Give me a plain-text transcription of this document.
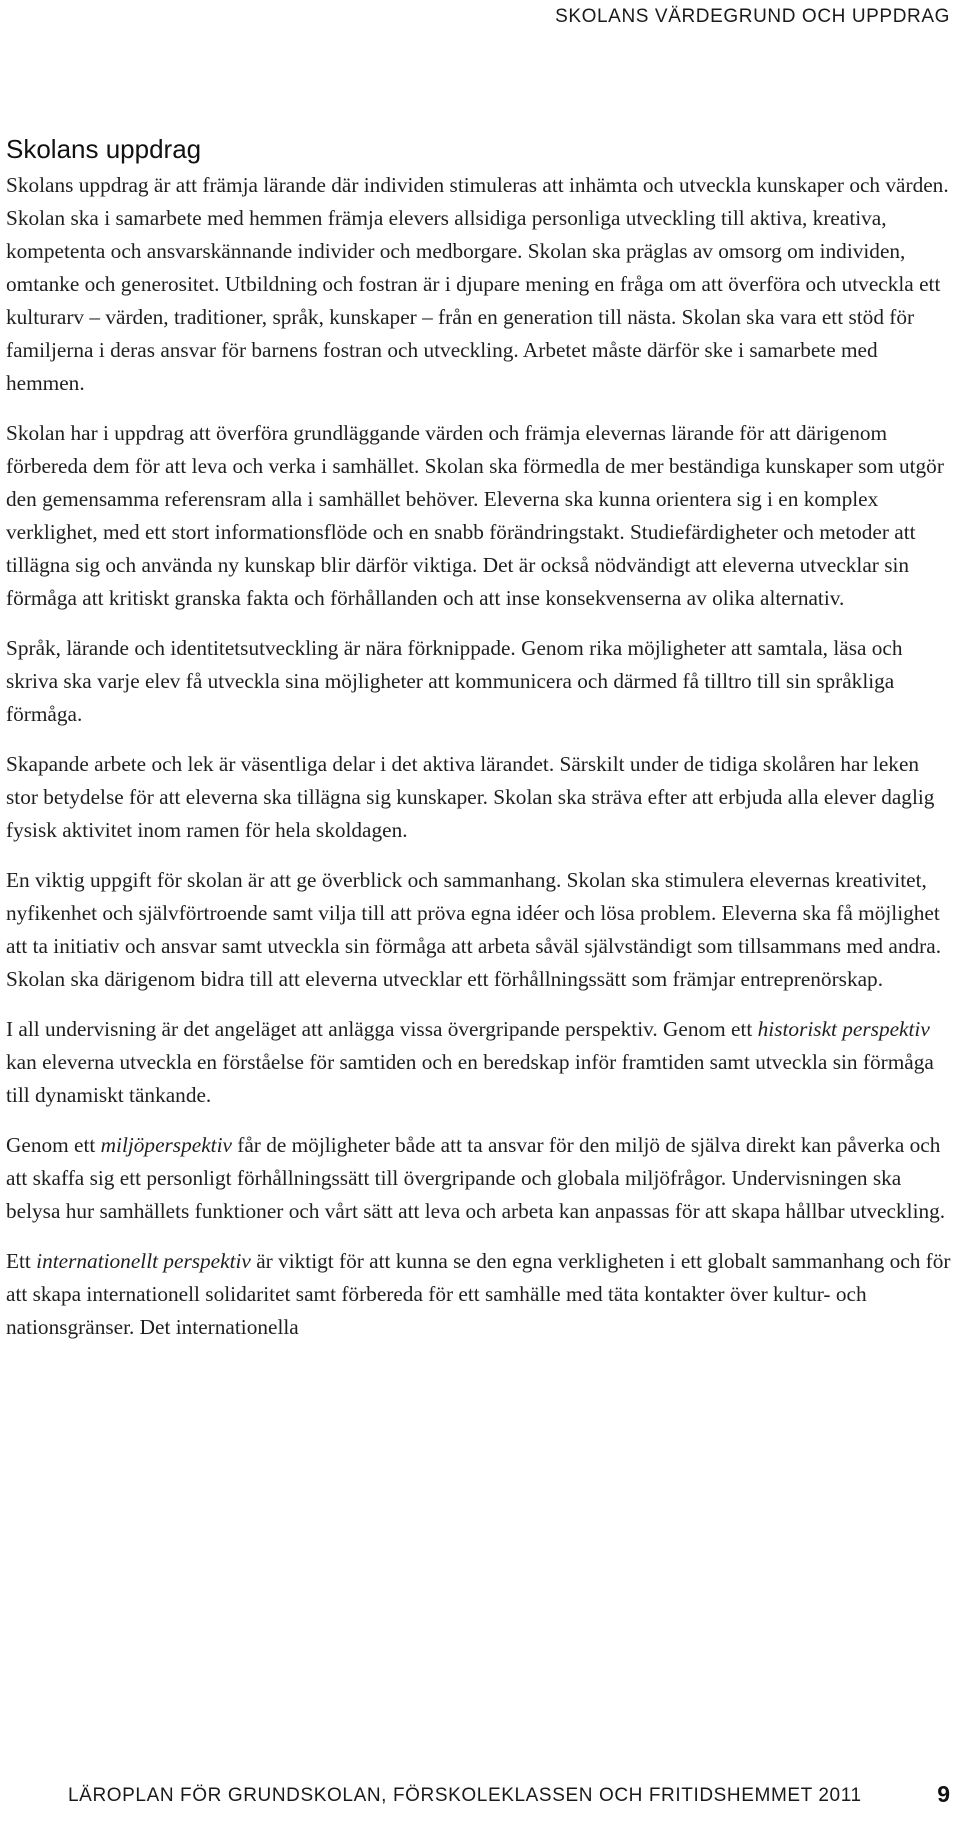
SKOLANS VÄRDEGRUND OCH UPPDRAG
Skolans uppdrag

Skolans uppdrag är att främja lärande där individen stimuleras att inhämta och utveckla kunskaper och värden. Skolan ska i samarbete med hemmen främja elevers allsidiga personliga utveckling till aktiva, kreativa, kompetenta och ansvarskännande individer och medborgare. Skolan ska präglas av omsorg om individen, omtanke och generositet. Utbildning och fostran är i djupare mening en fråga om att överföra och utveckla ett kulturarv – värden, traditioner, språk, kunskaper – från en generation till nästa. Skolan ska vara ett stöd för familjerna i deras ansvar för barnens fostran och utveckling. Arbetet måste därför ske i samarbete med hemmen.

Skolan har i uppdrag att överföra grundläggande värden och främja elevernas lärande för att därigenom förbereda dem för att leva och verka i samhället. Skolan ska förmedla de mer beständiga kunskaper som utgör den gemensamma referensram alla i samhället behöver. Eleverna ska kunna orientera sig i en komplex verklighet, med ett stort informationsflöde och en snabb förändringstakt. Studiefärdigheter och metoder att tillägna sig och använda ny kunskap blir därför viktiga. Det är också nödvändigt att eleverna utvecklar sin förmåga att kritiskt granska fakta och förhållanden och att inse konsekvenserna av olika alternativ.

Språk, lärande och identitetsutveckling är nära förknippade. Genom rika möjligheter att samtala, läsa och skriva ska varje elev få utveckla sina möjligheter att kommunicera och därmed få tilltro till sin språkliga förmåga.

Skapande arbete och lek är väsentliga delar i det aktiva lärandet. Särskilt under de tidiga skolåren har leken stor betydelse för att eleverna ska tillägna sig kunskaper. Skolan ska sträva efter att erbjuda alla elever daglig fysisk aktivitet inom ramen för hela skoldagen.

En viktig uppgift för skolan är att ge överblick och sammanhang. Skolan ska stimulera elevernas kreativitet, nyfikenhet och självförtroende samt vilja till att pröva egna idéer och lösa problem. Eleverna ska få möjlighet att ta initiativ och ansvar samt utveckla sin förmåga att arbeta såväl självständigt som tillsammans med andra. Skolan ska därigenom bidra till att eleverna utvecklar ett förhållningssätt som främjar entreprenörskap.

I all undervisning är det angeläget att anlägga vissa övergripande perspektiv. Genom ett historiskt perspektiv kan eleverna utveckla en förståelse för samtiden och en beredskap inför framtiden samt utveckla sin förmåga till dynamiskt tänkande.

Genom ett miljöperspektiv får de möjligheter både att ta ansvar för den miljö de själva direkt kan påverka och att skaffa sig ett personligt förhållningssätt till övergripande och globala miljöfrågor. Undervisningen ska belysa hur samhällets funktioner och vårt sätt att leva och arbeta kan anpassas för att skapa hållbar utveckling.

Ett internationellt perspektiv är viktigt för att kunna se den egna verkligheten i ett globalt sammanhang och för att skapa internationell solidaritet samt förbereda för ett samhälle med täta kontakter över kultur- och nationsgränser. Det internationella

LÄROPLAN FÖR GRUNDSKOLAN, FÖRSKOLEKLASSEN OCH FRITIDSHEMMET 2011	9
